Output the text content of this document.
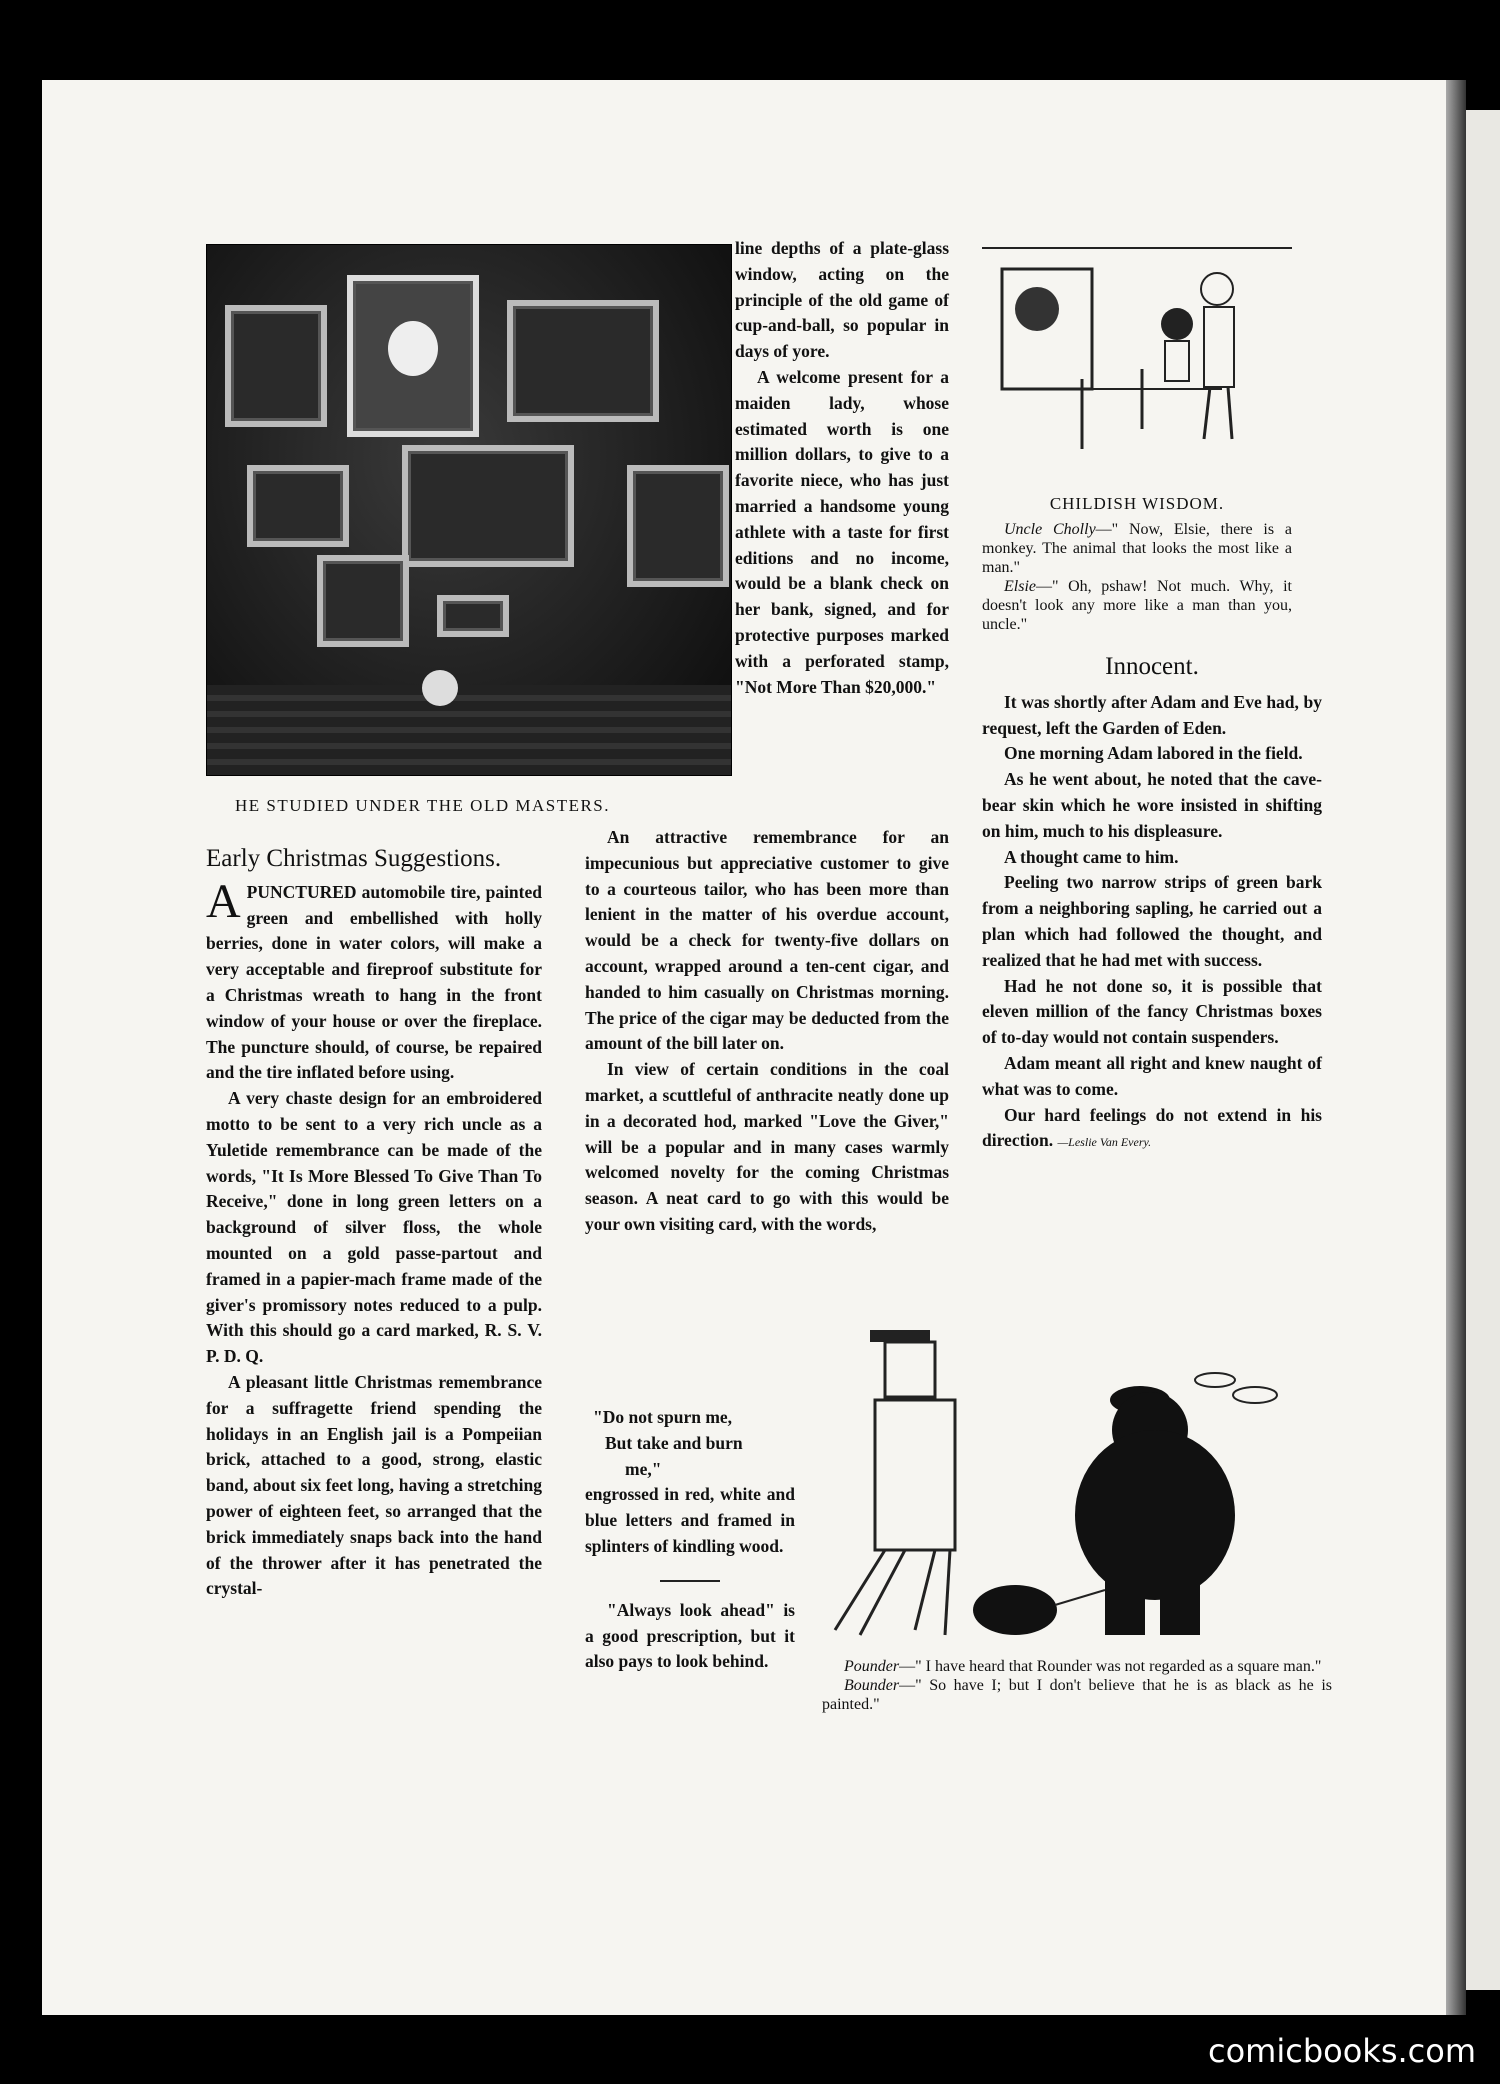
HE STUDIED UNDER THE OLD MASTERS.
Early Christmas Suggestions.

APUNCTURED automobile tire, painted green and embellished with holly berries, done in water colors, will make a very acceptable and fireproof substitute for a Christmas wreath to hang in the front window of your house or over the fireplace. The puncture should, of course, be repaired and the tire inflated before using.

A very chaste design for an embroidered motto to be sent to a very rich uncle as a Yuletide remembrance can be made of the words, "It Is More Blessed To Give Than To Receive," done in long green letters on a background of silver floss, the whole mounted on a gold passe-partout and framed in a papier-mach frame made of the giver's promissory notes reduced to a pulp. With this should go a card marked, R. S. V. P. D. Q.

A pleasant little Christmas remembrance for a suffragette friend spending the holidays in an English jail is a Pompeiian brick, attached to a good, strong, elastic band, about six feet long, having a stretching power of eighteen feet, so arranged that the brick immediately snaps back into the hand of the thrower after it has penetrated the crystal-

line depths of a plate-glass window, acting on the principle of the old game of cup-and-ball, so popular in days of yore.

A welcome present for a maiden lady, whose estimated worth is one million dollars, to give to a favorite niece, who has just married a handsome young athlete with a taste for first editions and no income, would be a blank check on her bank, signed, and for protective purposes marked with a perforated stamp, "Not More Than $20,000."

An attractive remembrance for an impecunious but appreciative customer to give to a courteous tailor, who has been more than lenient in the matter of his overdue account, would be a check for twenty-five dollars on account, wrapped around a ten-cent cigar, and handed to him casually on Christmas morning. The price of the cigar may be deducted from the amount of the bill later on.

In view of certain conditions in the coal market, a scuttleful of anthracite neatly done up in a decorated hod, marked "Love the Giver," will be a popular and in many cases warmly welcomed novelty for the coming Christmas season. A neat card to go with this would be your own visiting card, with the words,

"Do not spurn me,

But take and burn

me,"

engrossed in red, white and blue letters and framed in splinters of kindling wood.

"Always look ahead" is a good prescription, but it also pays to look behind.

CHILDISH WISDOM.

Uncle Cholly—" Now, Elsie, there is a monkey. The animal that looks the most like a man."

Elsie—" Oh, pshaw! Not much. Why, it doesn't look any more like a man than you, uncle."

Innocent.

It was shortly after Adam and Eve had, by request, left the Garden of Eden.

One morning Adam labored in the field.

As he went about, he noted that the cave-bear skin which he wore insisted in shifting on him, much to his displeasure.

A thought came to him.

Peeling two narrow strips of green bark from a neighboring sapling, he carried out a plan which had followed the thought, and realized that he had met with success.

Had he not done so, it is possible that eleven million of the fancy Christmas boxes of to-day would not contain suspenders.

Adam meant all right and knew naught of what was to come.

Our hard feelings do not extend in his direction. —Leslie Van Every.

Pounder—" I have heard that Rounder was not regarded as a square man."

Bounder—" So have I; but I don't believe that he is as black as he is painted."

comicbooks.com
